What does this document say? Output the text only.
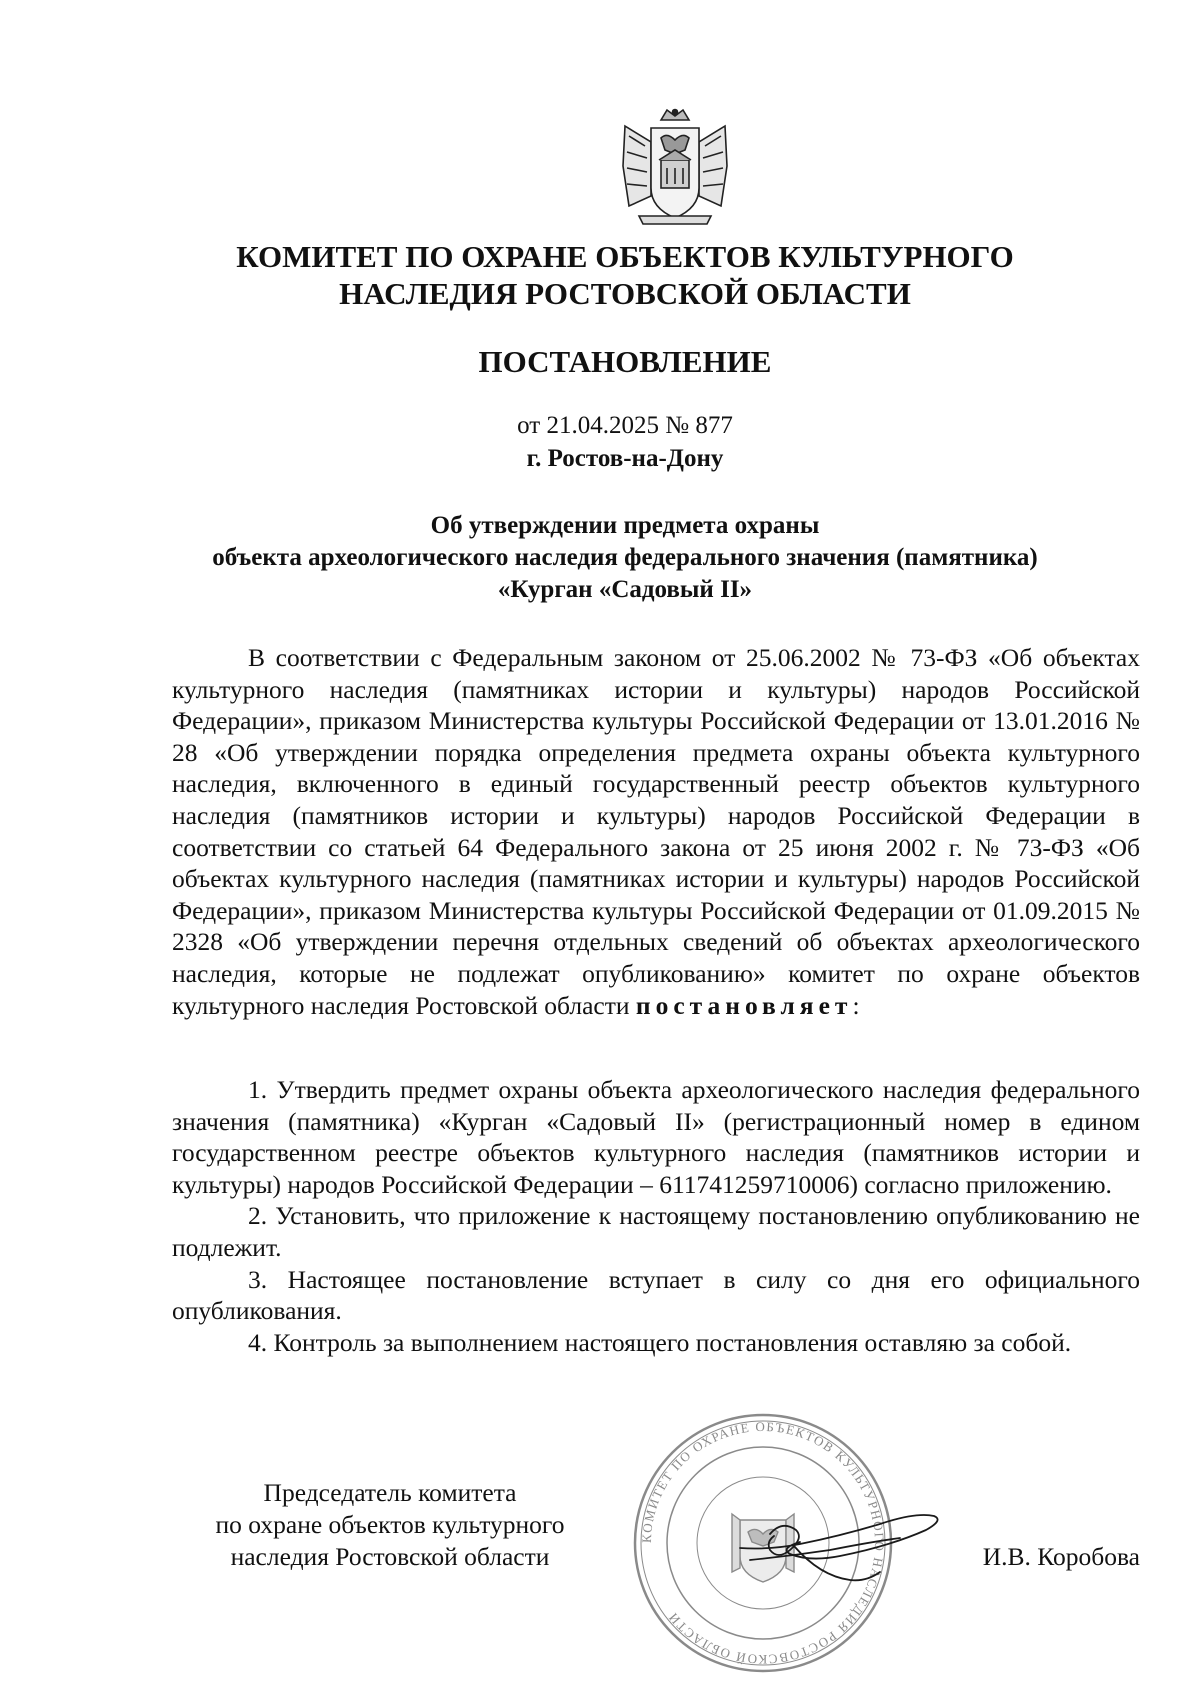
КОМИТЕТ ПО ОХРАНЕ ОБЪЕКТОВ КУЛЬТУРНОГО
НАСЛЕДИЯ РОСТОВСКОЙ ОБЛАСТИ
ПОСТАНОВЛЕНИЕ
от 21.04.2025 № 877
г. Ростов-на-Дону
Об утверждении предмета охраны
объекта археологического наследия федерального значения (памятника)
«Курган «Садовый II»

В соответствии с Федеральным законом от 25.06.2002 № 73-ФЗ «Об объектах культурного наследия (памятниках истории и культуры) народов Российской Федерации», приказом Министерства культуры Российской Федерации от 13.01.2016 № 28 «Об утверждении порядка определения предмета охраны объекта культурного наследия, включенного в единый государственный реестр объектов культурного наследия (памятников истории и культуры) народов Российской Федерации в соответствии со статьей 64 Федерального закона от 25 июня 2002 г. № 73-ФЗ «Об объектах культурного наследия (памятниках истории и культуры) народов Российской Федерации», приказом Министерства культуры Российской Федерации от 01.09.2015 № 2328 «Об утверждении перечня отдельных сведений об объектах археологического наследия, которые не подлежат опубликованию» комитет по охране объектов культурного наследия Ростовской области постановляет:

1. Утвердить предмет охраны объекта археологического наследия федерального значения (памятника) «Курган «Садовый II» (регистрационный номер в едином государственном реестре объектов культурного наследия (памятников истории и культуры) народов Российской Федерации – 611741259710006) согласно приложению.

2. Установить, что приложение к настоящему постановлению опубликованию не подлежит.

3. Настоящее постановление вступает в силу со дня его официального опубликования.

4. Контроль за выполнением настоящего постановления оставляю за собой.

Председатель комитета
по охране объектов культурного
наследия Ростовской области
КОМИТЕТ ПО ОХРАНЕ ОБЪЕКТОВ КУЛЬТУРНОГО НАСЛЕДИЯ РОСТОВСКОЙ ОБЛАСТИ
И.В. Коробова
